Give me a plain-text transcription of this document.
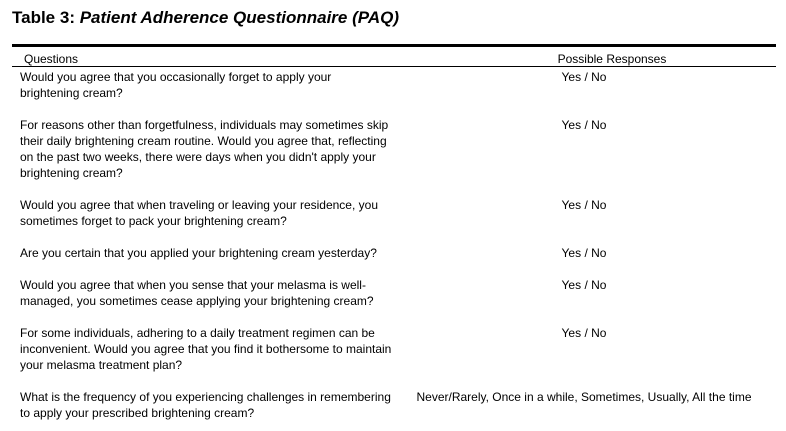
Table 3: Patient Adherence Questionnaire (PAQ)
Questions	Possible Responses
Would you agree that you occasionally forget to apply your brightening cream?
Yes / No
For reasons other than forgetfulness, individuals may sometimes skip their daily brightening cream routine. Would you agree that, reflecting on the past two weeks, there were days when you didn't apply your brightening cream?
Yes / No
Would you agree that when traveling or leaving your residence, you sometimes forget to pack your brightening cream?
Yes / No
Are you certain that you applied your brightening cream yesterday?	Yes / No
Would you agree that when you sense that your melasma is well-managed, you sometimes cease applying your brightening cream?
Yes / No
For some individuals, adhering to a daily treatment regimen can be inconvenient. Would you agree that you find it bothersome to maintain your melasma treatment plan?
Yes / No
What is the frequency of you experiencing challenges in remembering to apply your prescribed brightening cream?
Never/Rarely, Once in a while, Sometimes, Usually, All the time
